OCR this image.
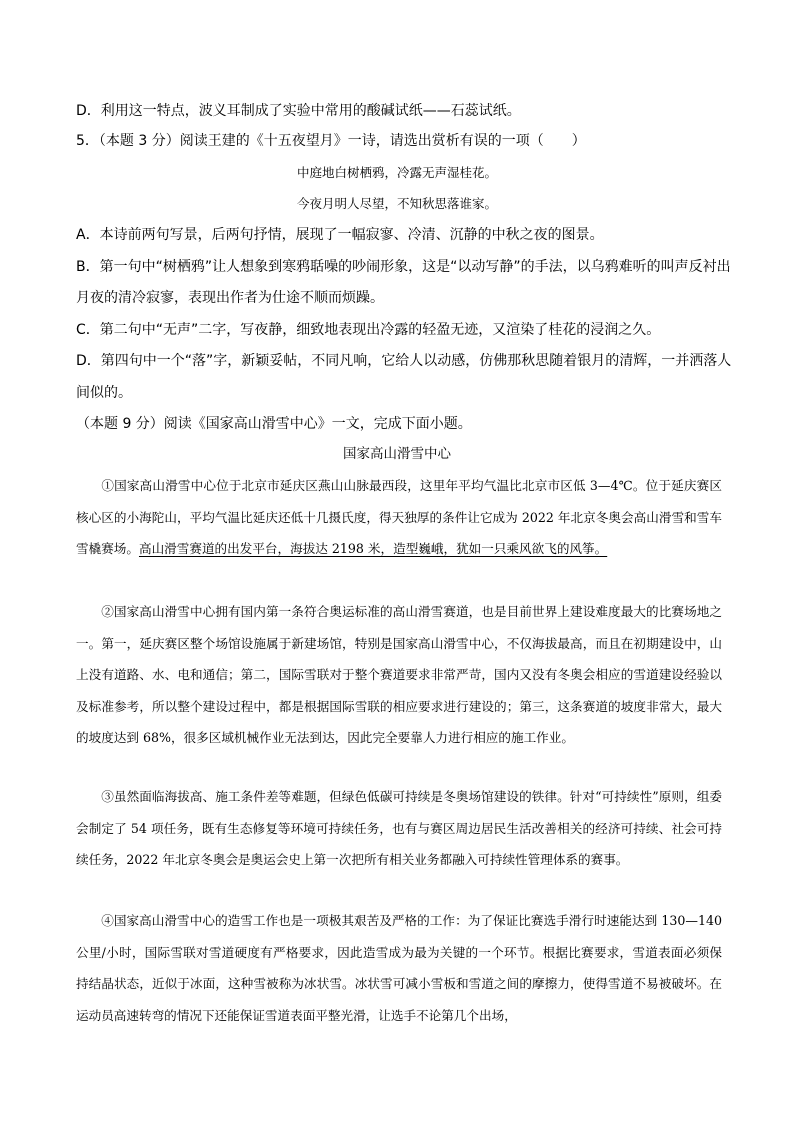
D．利用这一特点，波义耳制成了实验中常用的酸碱试纸——石蕊试纸。
5．（本题 3 分）阅读王建的《十五夜望月》一诗，请选出赏析有误的一项（　　）
中庭地白树栖鸦，冷露无声湿桂花。
今夜月明人尽望，不知秋思落谁家。
A．本诗前两句写景，后两句抒情，展现了一幅寂寥、冷清、沉静的中秋之夜的图景。
B．第一句中“树栖鸦”让人想象到寒鸦聒噪的吵闹形象，这是“以动写静”的手法，以乌鸦难听的叫声反衬出
月夜的清冷寂寥，表现出作者为仕途不顺而烦躁。
C．第二句中“无声”二字，写夜静，细致地表现出冷露的轻盈无迹，又渲染了桂花的浸润之久。
D．第四句中一个“落”字，新颖妥帖，不同凡响，它给人以动感，仿佛那秋思随着银月的清辉，一并洒落人
间似的。
（本题 9 分）阅读《国家高山滑雪中心》一文，完成下面小题。
国家高山滑雪中心

①国家高山滑雪中心位于北京市延庆区燕山山脉最西段，这里年平均气温比北京市区低 3—4℃。位于延庆赛区核心区的小海陀山，平均气温比延庆还低十几摄氏度，得天独厚的条件让它成为 2022 年北京冬奥会高山滑雪和雪车雪橇赛场。高山滑雪赛道的出发平台，海拔达 2198 米，造型巍峨，犹如一只乘风欲飞的风筝。

②国家高山滑雪中心拥有国内第一条符合奥运标准的高山滑雪赛道，也是目前世界上建设难度最大的比赛场地之一。第一，延庆赛区整个场馆设施属于新建场馆，特别是国家高山滑雪中心，不仅海拔最高，而且在初期建设中，山上没有道路、水、电和通信；第二，国际雪联对于整个赛道要求非常严苛，国内又没有冬奥会相应的雪道建设经验以及标准参考，所以整个建设过程中，都是根据国际雪联的相应要求进行建设的；第三，这条赛道的坡度非常大，最大的坡度达到 68%，很多区域机械作业无法到达，因此完全要靠人力进行相应的施工作业。

③虽然面临海拔高、施工条件差等难题，但绿色低碳可持续是冬奥场馆建设的铁律。针对“可持续性”原则，组委会制定了 54 项任务，既有生态修复等环境可持续任务，也有与赛区周边居民生活改善相关的经济可持续、社会可持续任务，2022 年北京冬奥会是奥运会史上第一次把所有相关业务都融入可持续性管理体系的赛事。

④国家高山滑雪中心的造雪工作也是一项极其艰苦及严格的工作：为了保证比赛选手滑行时速能达到 130—140 公里/小时，国际雪联对雪道硬度有严格要求，因此造雪成为最为关键的一个环节。根据比赛要求，雪道表面必须保持结晶状态，近似于冰面，这种雪被称为冰状雪。冰状雪可减小雪板和雪道之间的摩擦力，使得雪道不易被破坏。在运动员高速转弯的情况下还能保证雪道表面平整光滑，让选手不论第几个出场，
